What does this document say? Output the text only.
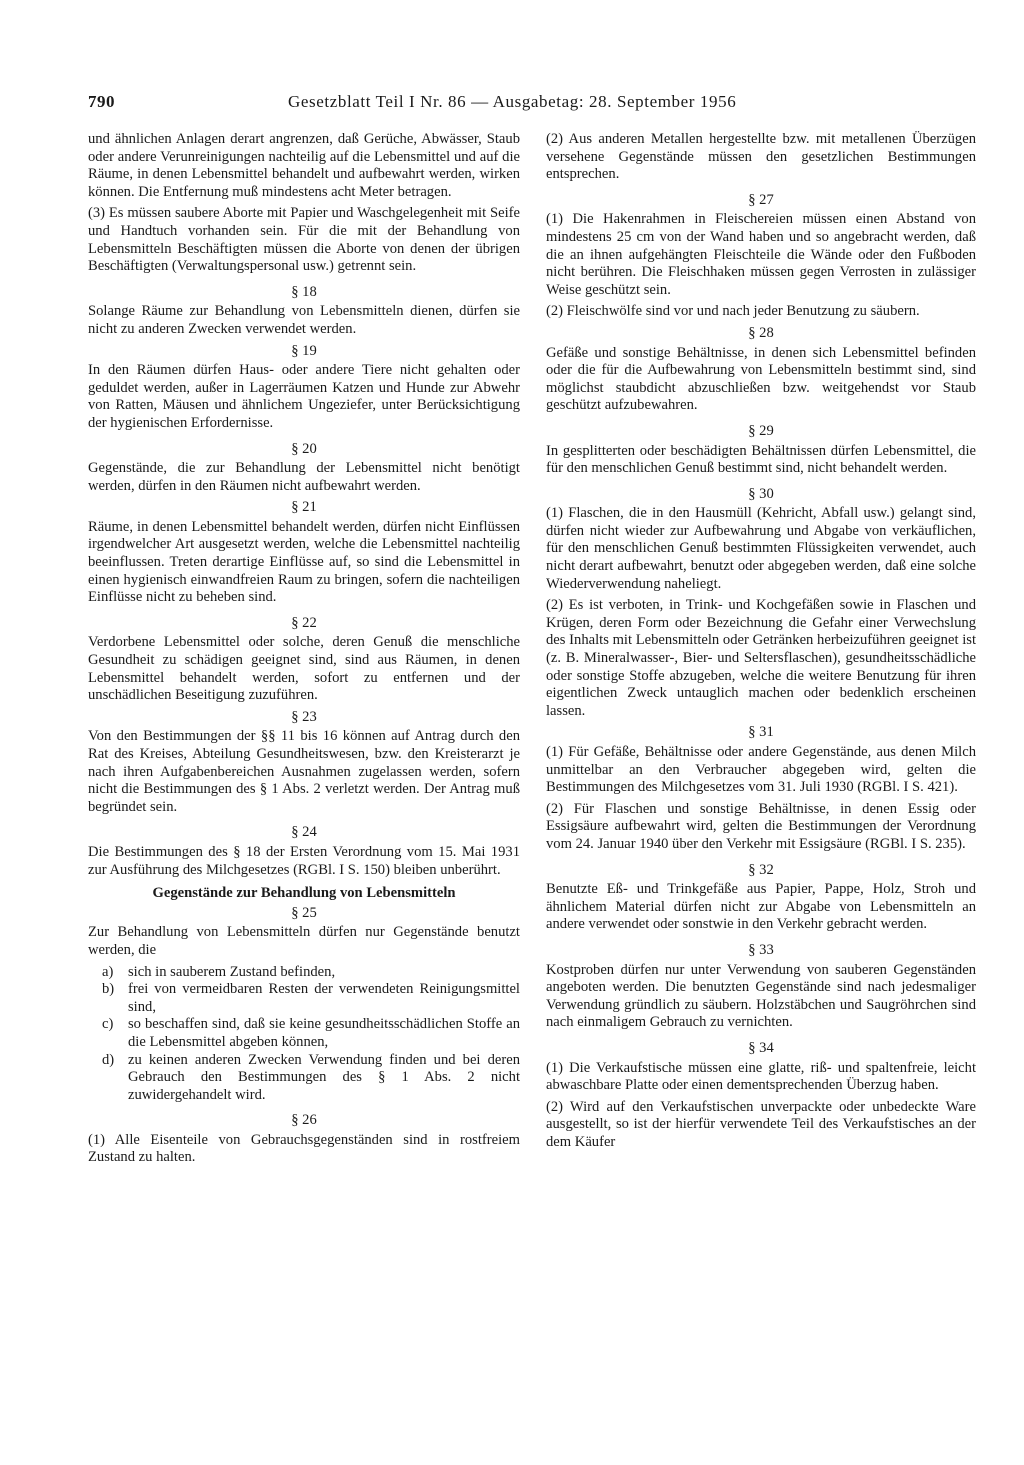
790	Gesetzblatt Teil I Nr. 86 — Ausgabetag: 28. September 1956

und ähnlichen Anlagen derart angrenzen, daß Gerüche, Abwässer, Staub oder andere Verunreinigungen nachteilig auf die Lebensmittel und auf die Räume, in denen Lebensmittel behandelt und aufbewahrt werden, wirken können. Die Entfernung muß mindestens acht Meter betragen.

(3) Es müssen saubere Aborte mit Papier und Waschgelegenheit mit Seife und Handtuch vorhanden sein. Für die mit der Behandlung von Lebensmitteln Beschäftigten müssen die Aborte von denen der übrigen Beschäftigten (Verwaltungspersonal usw.) getrennt sein.

§ 18

Solange Räume zur Behandlung von Lebensmitteln dienen, dürfen sie nicht zu anderen Zwecken verwendet werden.

§ 19

In den Räumen dürfen Haus- oder andere Tiere nicht gehalten oder geduldet werden, außer in Lagerräumen Katzen und Hunde zur Abwehr von Ratten, Mäusen und ähnlichem Ungeziefer, unter Berücksichtigung der hygienischen Erfordernisse.

§ 20

Gegenstände, die zur Behandlung der Lebensmittel nicht benötigt werden, dürfen in den Räumen nicht aufbewahrt werden.

§ 21

Räume, in denen Lebensmittel behandelt werden, dürfen nicht Einflüssen irgendwelcher Art ausgesetzt werden, welche die Lebensmittel nachteilig beeinflussen. Treten derartige Einflüsse auf, so sind die Lebensmittel in einen hygienisch einwandfreien Raum zu bringen, sofern die nachteiligen Einflüsse nicht zu beheben sind.

§ 22

Verdorbene Lebensmittel oder solche, deren Genuß die menschliche Gesundheit zu schädigen geeignet sind, sind aus Räumen, in denen Lebensmittel behandelt werden, sofort zu entfernen und der unschädlichen Beseitigung zuzuführen.

§ 23

Von den Bestimmungen der §§ 11 bis 16 können auf Antrag durch den Rat des Kreises, Abteilung Gesundheitswesen, bzw. den Kreisterarzt je nach ihren Aufgabenbereichen Ausnahmen zugelassen werden, sofern nicht die Bestimmungen des § 1 Abs. 2 verletzt werden. Der Antrag muß begründet sein.

§ 24

Die Bestimmungen des § 18 der Ersten Verordnung vom 15. Mai 1931 zur Ausführung des Milchgesetzes (RGBl. I S. 150) bleiben unberührt.

Gegenstände zur Behandlung von Lebensmitteln
§ 25

Zur Behandlung von Lebensmitteln dürfen nur Gegenstände benutzt werden, die

a)	sich in sauberem Zustand befinden,
b) frei von vermeidbaren Resten der verwendeten Reinigungsmittel sind,
c)	so beschaffen sind, daß sie keine gesundheitsschädlichen Stoffe an die Lebensmittel abgeben können,
d) zu keinen anderen Zwecken Verwendung finden und bei deren Gebrauch den Bestimmungen des § 1 Abs. 2 nicht zuwidergehandelt wird.
§ 26

(1) Alle Eisenteile von Gebrauchsgegenständen sind in rostfreiem Zustand zu halten.

(2) Aus anderen Metallen hergestellte bzw. mit metallenen Überzügen versehene Gegenstände müssen den gesetzlichen Bestimmungen entsprechen.

§ 27

(1) Die Hakenrahmen in Fleischereien müssen einen Abstand von mindestens 25 cm von der Wand haben und so angebracht werden, daß die an ihnen aufgehängten Fleischteile die Wände oder den Fußboden nicht berühren. Die Fleischhaken müssen gegen Verrosten in zulässiger Weise geschützt sein.

(2) Fleischwölfe sind vor und nach jeder Benutzung zu säubern.

§ 28

Gefäße und sonstige Behältnisse, in denen sich Lebensmittel befinden oder die für die Aufbewahrung von Lebensmitteln bestimmt sind, sind möglichst staubdicht abzuschließen bzw. weitgehendst vor Staub geschützt aufzubewahren.

§ 29

In gesplitterten oder beschädigten Behältnissen dürfen Lebensmittel, die für den menschlichen Genuß bestimmt sind, nicht behandelt werden.

§ 30

(1) Flaschen, die in den Hausmüll (Kehricht, Abfall usw.) gelangt sind, dürfen nicht wieder zur Aufbewahrung und Abgabe von verkäuflichen, für den menschlichen Genuß bestimmten Flüssigkeiten verwendet, auch nicht derart aufbewahrt, benutzt oder abgegeben werden, daß eine solche Wiederverwendung naheliegt.

(2) Es ist verboten, in Trink- und Kochgefäßen sowie in Flaschen und Krügen, deren Form oder Bezeichnung die Gefahr einer Verwechslung des Inhalts mit Lebensmitteln oder Getränken herbeizuführen geeignet ist (z. B. Mineralwasser-, Bier- und Seltersflaschen), gesundheitsschädliche oder sonstige Stoffe abzugeben, welche die weitere Benutzung für ihren eigentlichen Zweck untauglich machen oder bedenklich erscheinen lassen.

§ 31

(1) Für Gefäße, Behältnisse oder andere Gegenstände, aus denen Milch unmittelbar an den Verbraucher abgegeben wird, gelten die Bestimmungen des Milchgesetzes vom 31. Juli 1930 (RGBl. I S. 421).

(2) Für Flaschen und sonstige Behältnisse, in denen Essig oder Essigsäure aufbewahrt wird, gelten die Bestimmungen der Verordnung vom 24. Januar 1940 über den Verkehr mit Essigsäure (RGBl. I S. 235).

§ 32

Benutzte Eß- und Trinkgefäße aus Papier, Pappe, Holz, Stroh und ähnlichem Material dürfen nicht zur Abgabe von Lebensmitteln an andere verwendet oder sonstwie in den Verkehr gebracht werden.

§ 33

Kostproben dürfen nur unter Verwendung von sauberen Gegenständen angeboten werden. Die benutzten Gegenstände sind nach jedesmaliger Verwendung gründlich zu säubern. Holzstäbchen und Saugröhrchen sind nach einmaligem Gebrauch zu vernichten.

§ 34

(1) Die Verkaufstische müssen eine glatte, riß- und spaltenfreie, leicht abwaschbare Platte oder einen dementsprechenden Überzug haben.

(2) Wird auf den Verkaufstischen unverpackte oder unbedeckte Ware ausgestellt, so ist der hierfür verwendete Teil des Verkaufstisches an der dem Käufer
